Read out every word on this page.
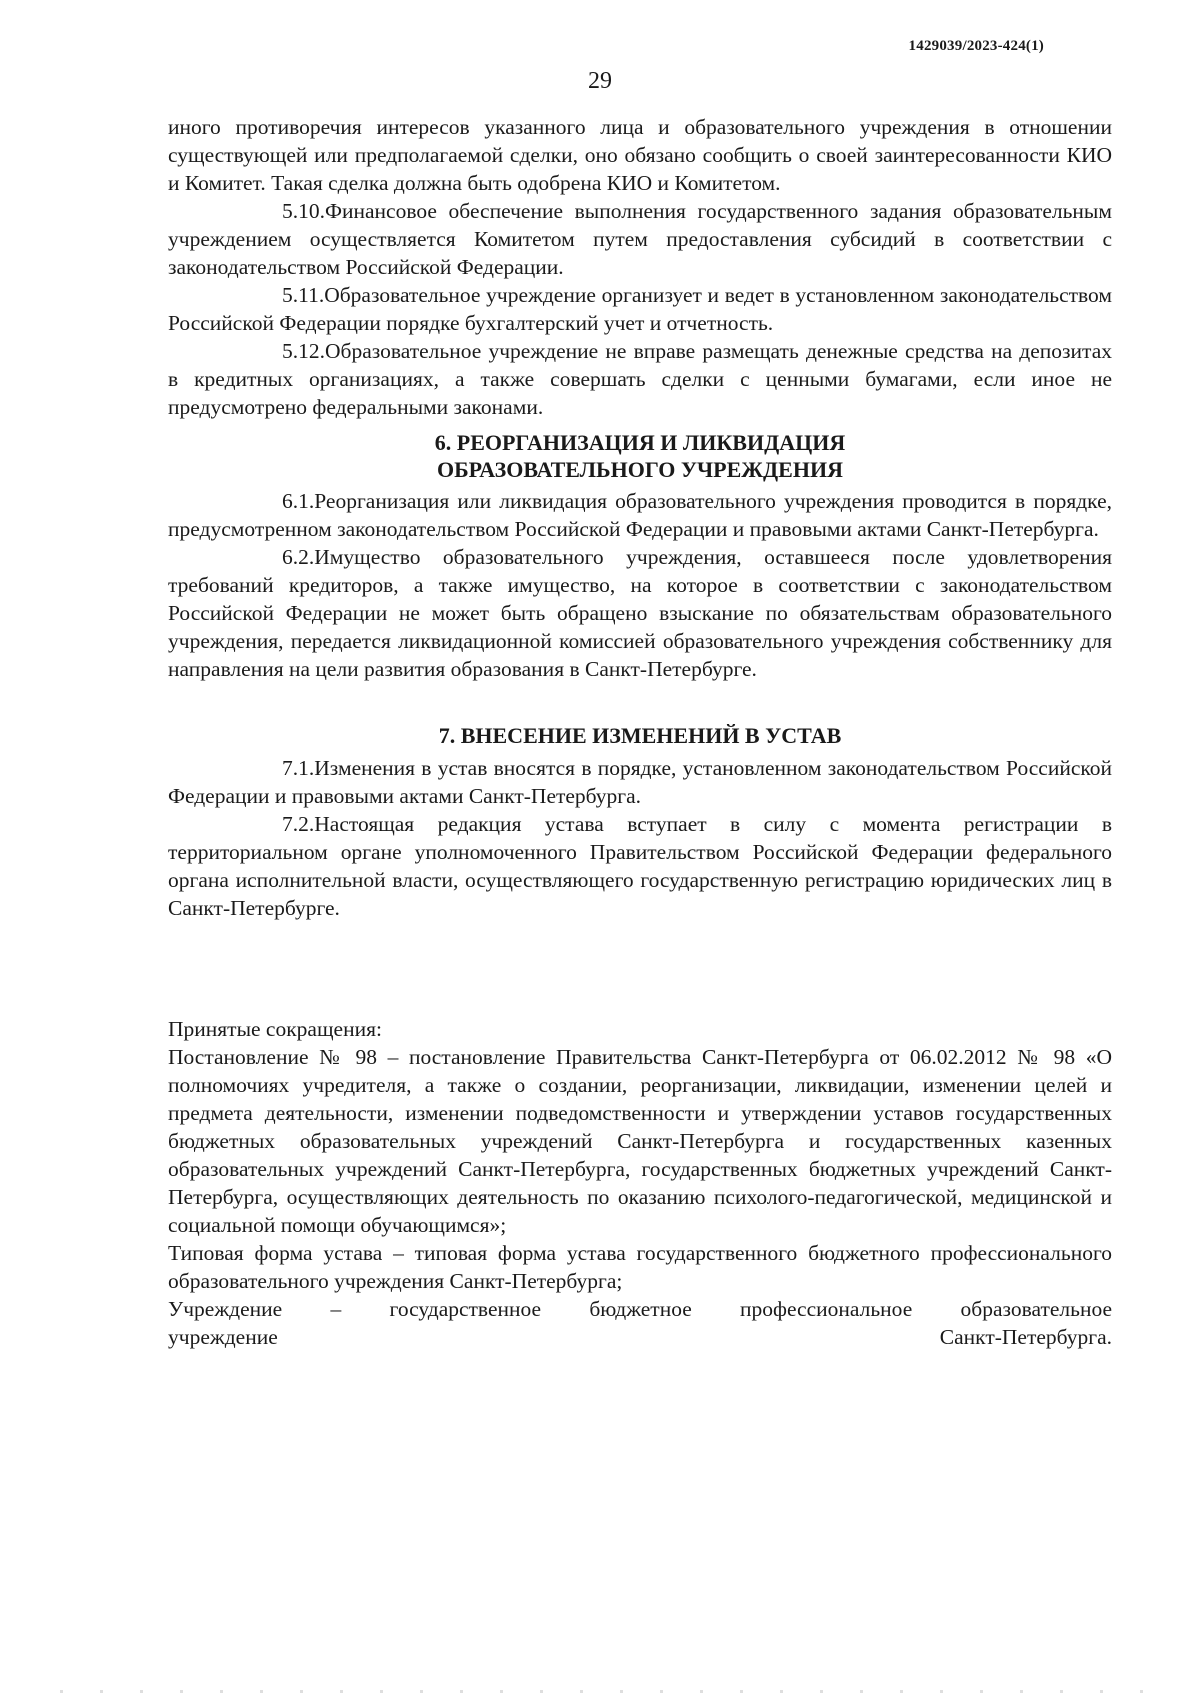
1429039/2023-424(1)
29

иного противоречия интересов указанного лица и образовательного учреждения в отношении существующей или предполагаемой сделки, оно обязано сообщить о своей заинтересованности КИО и Комитет. Такая сделка должна быть одобрена КИО и Комитетом.

5.10.Финансовое обеспечение выполнения государственного задания образовательным учреждением осуществляется Комитетом путем предоставления субсидий в соответствии с законодательством Российской Федерации.

5.11.Образовательное учреждение организует и ведет в установленном законодательством Российской Федерации порядке бухгалтерский учет и отчетность.

5.12.Образовательное учреждение не вправе размещать денежные средства на депозитах в кредитных организациях, а также совершать сделки с ценными бумагами, если иное не предусмотрено федеральными законами.

6. РЕОРГАНИЗАЦИЯ И ЛИКВИДАЦИЯ
ОБРАЗОВАТЕЛЬНОГО УЧРЕЖДЕНИЯ

6.1.Реорганизация или ликвидация образовательного учреждения проводится в порядке, предусмотренном законодательством Российской Федерации и правовыми актами Санкт-Петербурга.

6.2.Имущество образовательного учреждения, оставшееся после удовлетворения требований кредиторов, а также имущество, на которое в соответствии с законодательством Российской Федерации не может быть обращено взыскание по обязательствам образовательного учреждения, передается ликвидационной комиссией образовательного учреждения собственнику для направления на цели развития образования в Санкт-Петербурге.

7. ВНЕСЕНИЕ ИЗМЕНЕНИЙ В УСТАВ

7.1.Изменения в устав вносятся в порядке, установленном законодательством Российской Федерации и правовыми актами Санкт-Петербурга.

7.2.Настоящая редакция устава вступает в силу с момента регистрации в территориальном органе уполномоченного Правительством Российской Федерации федерального органа исполнительной власти, осуществляющего государственную регистрацию юридических лиц в Санкт-Петербурге.

Принятые сокращения:

Постановление № 98 – постановление Правительства Санкт-Петербурга от 06.02.2012 № 98 «О полномочиях учредителя, а также о создании, реорганизации, ликвидации, изменении целей и предмета деятельности, изменении подведомственности и утверждении уставов государственных бюджетных образовательных учреждений Санкт-Петербурга и государственных казенных образовательных учреждений Санкт-Петербурга, государственных бюджетных учреждений Санкт-Петербурга, осуществляющих деятельность по оказанию психолого-педагогической, медицинской и социальной помощи обучающимся»;

Типовая форма устава – типовая форма устава государственного бюджетного профессионального образовательного учреждения Санкт-Петербурга;

Учреждение – государственное бюджетное профессиональное образовательное

учреждение	Санкт-Петербурга.
